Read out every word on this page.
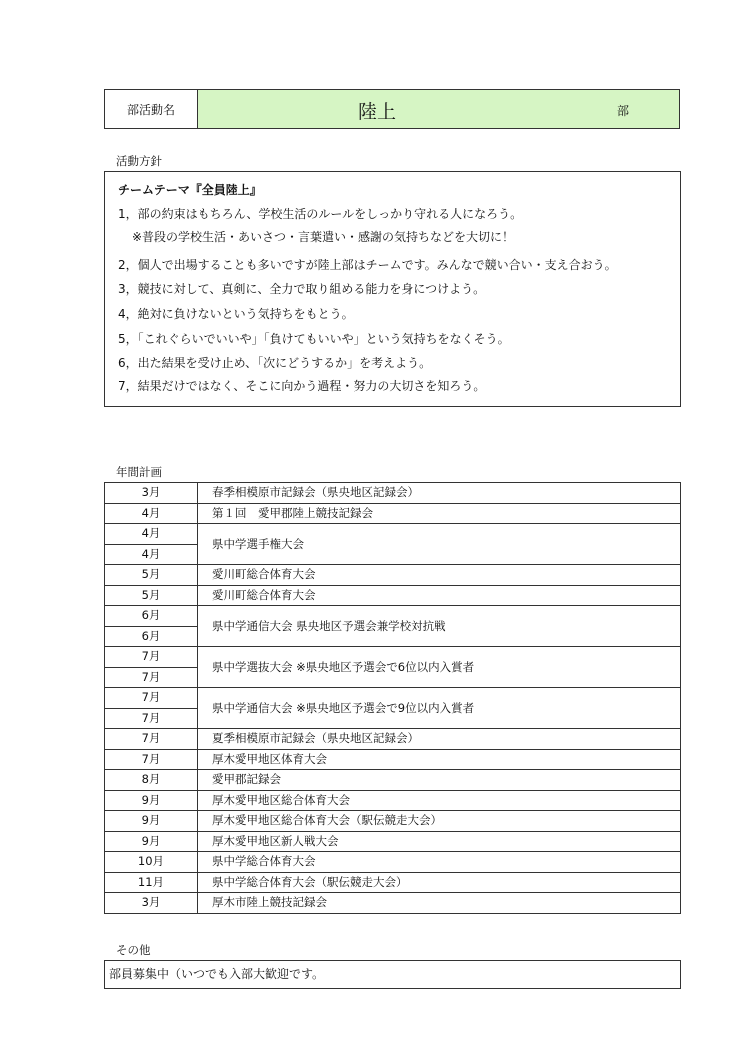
部活動名	陸上	部
活動方針
チームテーマ『全員陸上』
1，部の約束はもちろん、学校生活のルールをしっかり守れる人になろう。
※普段の学校生活・あいさつ・言葉遣い・感謝の気持ちなどを大切に！
2，個人で出場することも多いですが陸上部はチームです。みんなで競い合い・支え合おう。
3，競技に対して、真剣に、全力で取り組める能力を身につけよう。
4，絶対に負けないという気持ちをもとう。
5，「これぐらいでいいや」「負けてもいいや」という気持ちをなくそう。
6，出た結果を受け止め、「次にどうするか」を考えよう。
7，結果だけではなく、そこに向かう過程・努力の大切さを知ろう。
年間計画
3月	春季相模原市記録会（県央地区記録会）
4月	第１回　愛甲郡陸上競技記録会
4月	県中学選手権大会
4月	
5月	愛川町総合体育大会
5月	愛川町総合体育大会
6月	県中学通信大会 県央地区予選会兼学校対抗戦
6月	
7月	県中学選抜大会 ※県央地区予選会で6位以内入賞者
7月	
7月	県中学通信大会 ※県央地区予選会で9位以内入賞者
7月	
7月	夏季相模原市記録会（県央地区記録会）
7月	厚木愛甲地区体育大会
8月	愛甲郡記録会
9月	厚木愛甲地区総合体育大会
9月	厚木愛甲地区総合体育大会（駅伝競走大会）
9月	厚木愛甲地区新人戦大会
10月	県中学総合体育大会
11月	県中学総合体育大会（駅伝競走大会）
3月	厚木市陸上競技記録会
その他
部員募集中（いつでも入部大歓迎です。
